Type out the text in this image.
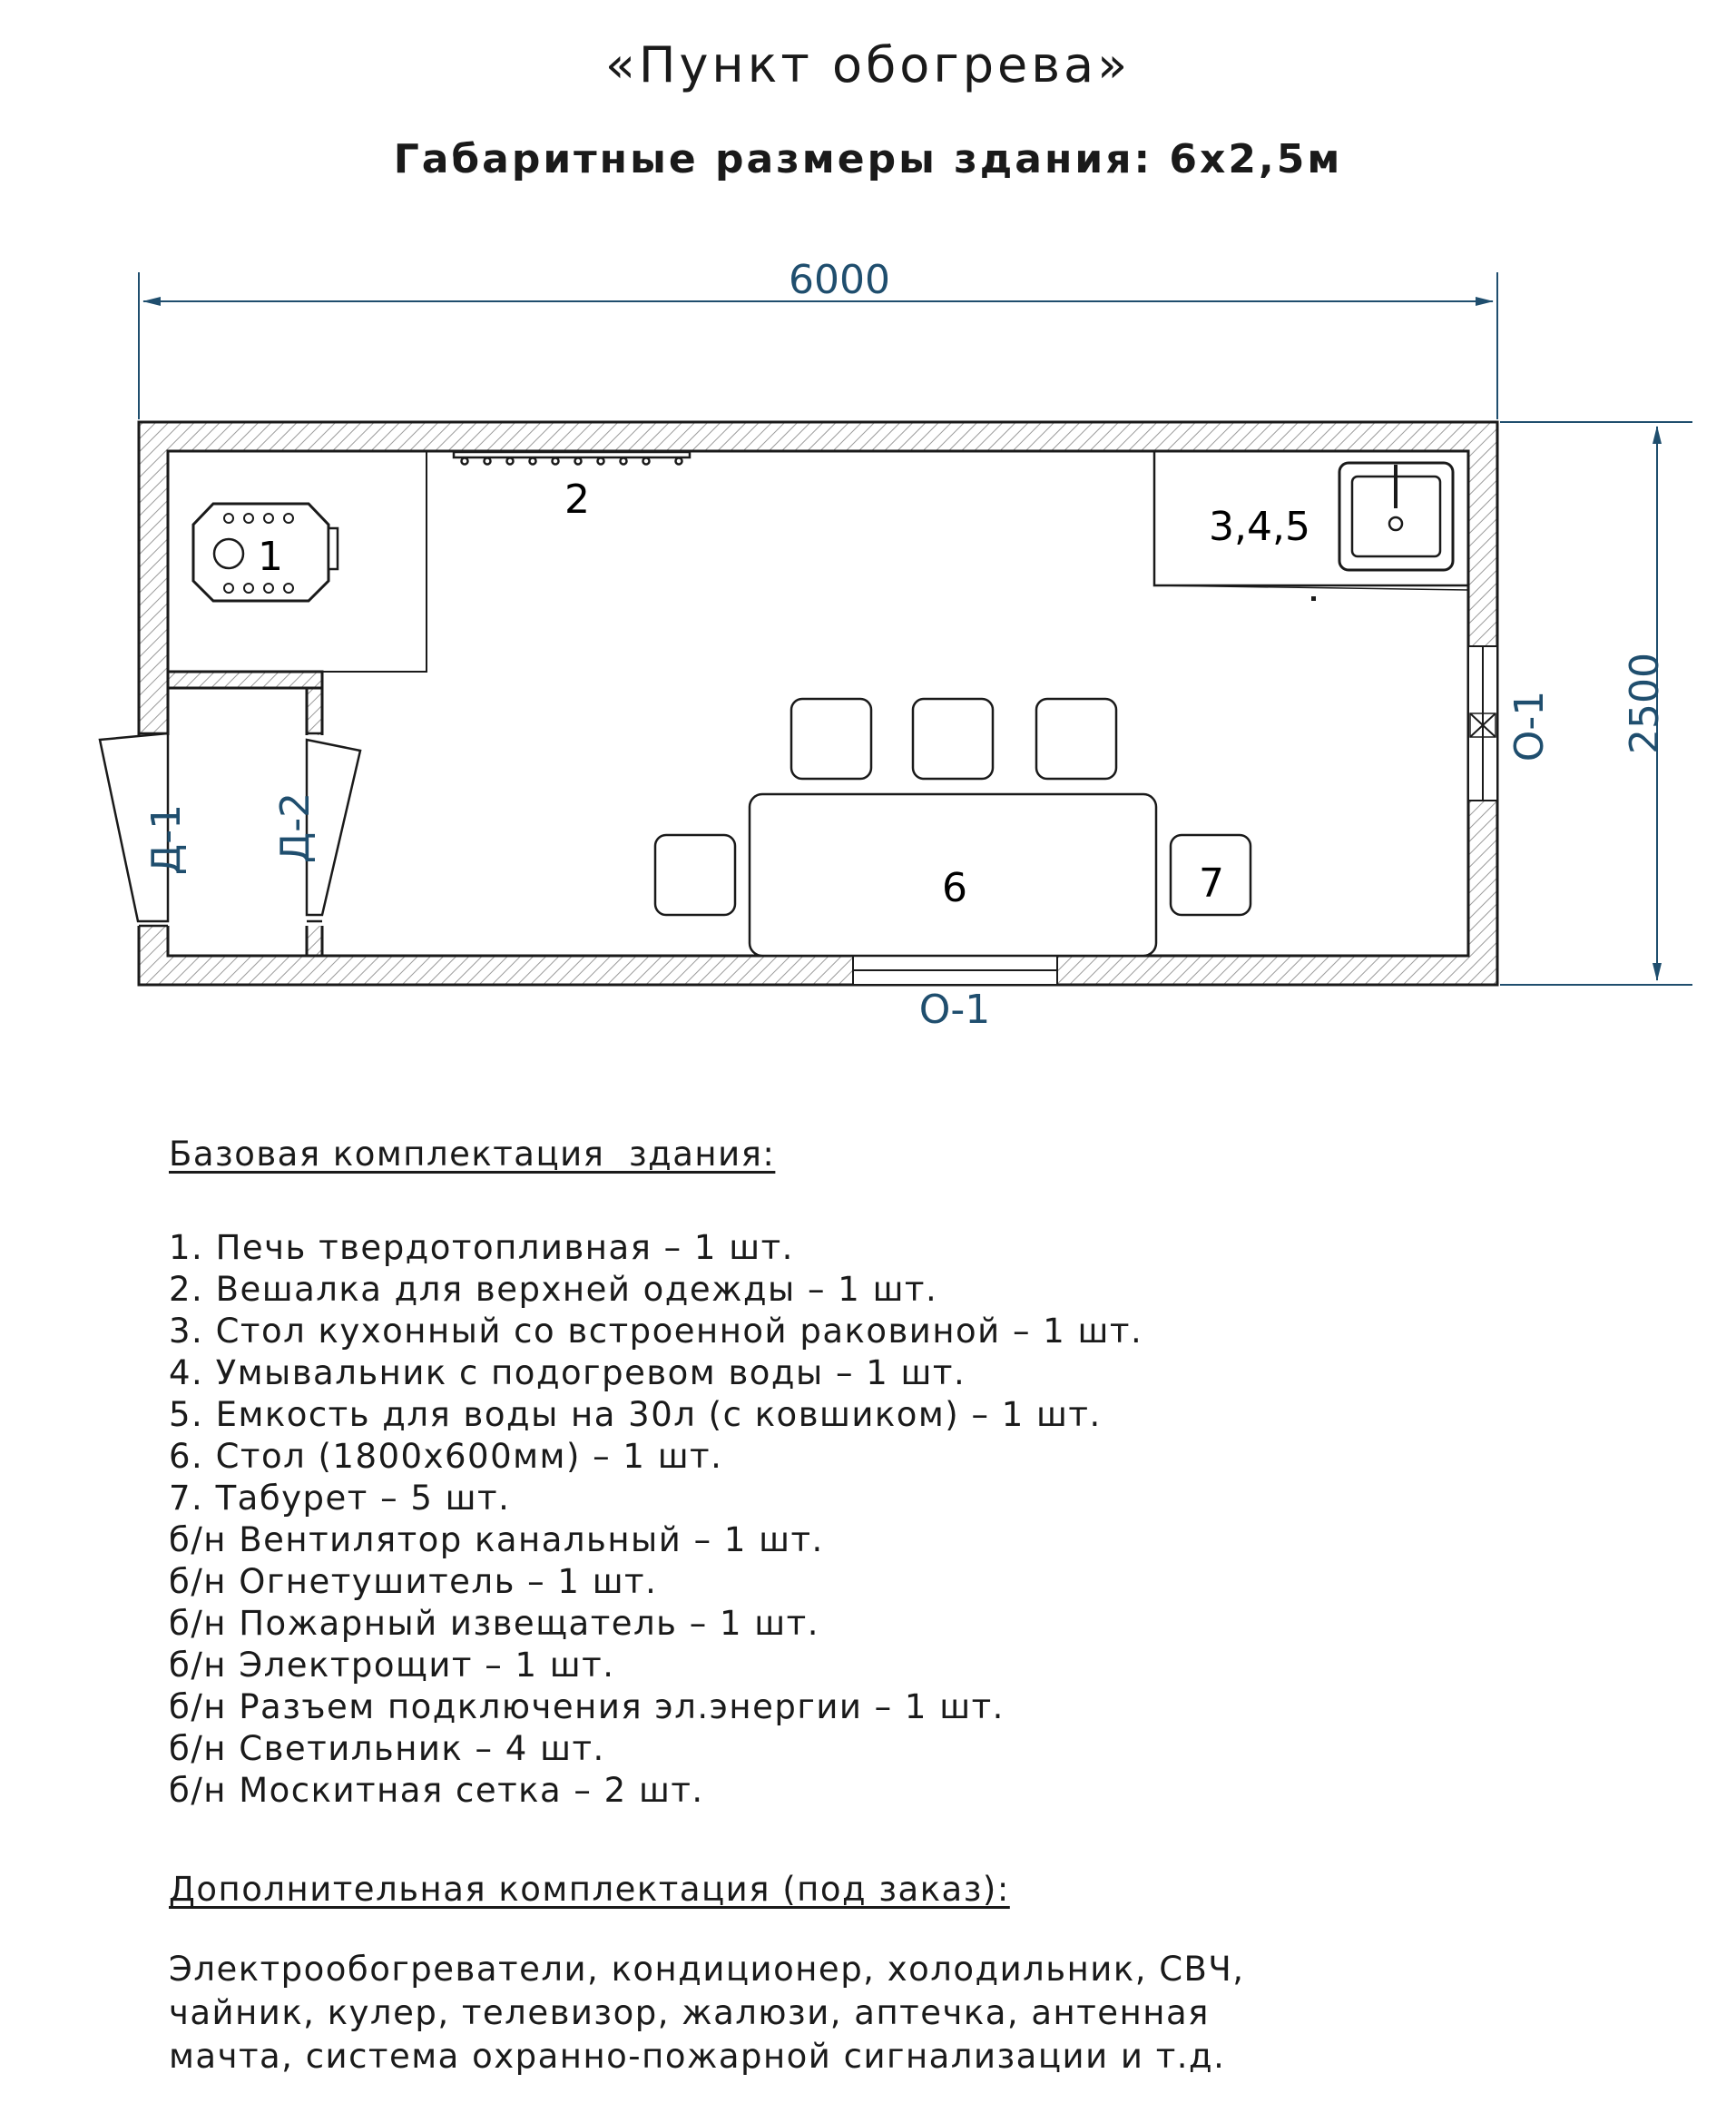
«Пункт обогрева»
Габаритные размеры здания: 6х2,5м
1
2
3,4,5
6	7
6000
2500
О-1
О-1
Д-1 Д-2
Базовая комплектация  здания:
1. Печь твердотопливная – 1 шт.
2. Вешалка для верхней одежды – 1 шт.
3. Стол кухонный со встроенной раковиной – 1 шт.
4. Умывальник с подогревом воды – 1 шт.
5. Емкость для воды на 30л (с ковшиком) – 1 шт.
6. Стол (1800х600мм) – 1 шт.
7. Табурет – 5 шт.
б/н Вентилятор канальный – 1 шт.
б/н Огнетушитель – 1 шт.
б/н Пожарный извещатель – 1 шт.
б/н Электрощит – 1 шт.
б/н Разъем подключения эл.энергии – 1 шт.
б/н Светильник – 4 шт.
б/н Москитная сетка – 2 шт.
Дополнительная комплектация (под заказ):
Электрообогреватели, кондиционер, холодильник, СВЧ,
чайник, кулер, телевизор, жалюзи, аптечка, антенная
мачта, система охранно-пожарной сигнализации и т.д.
